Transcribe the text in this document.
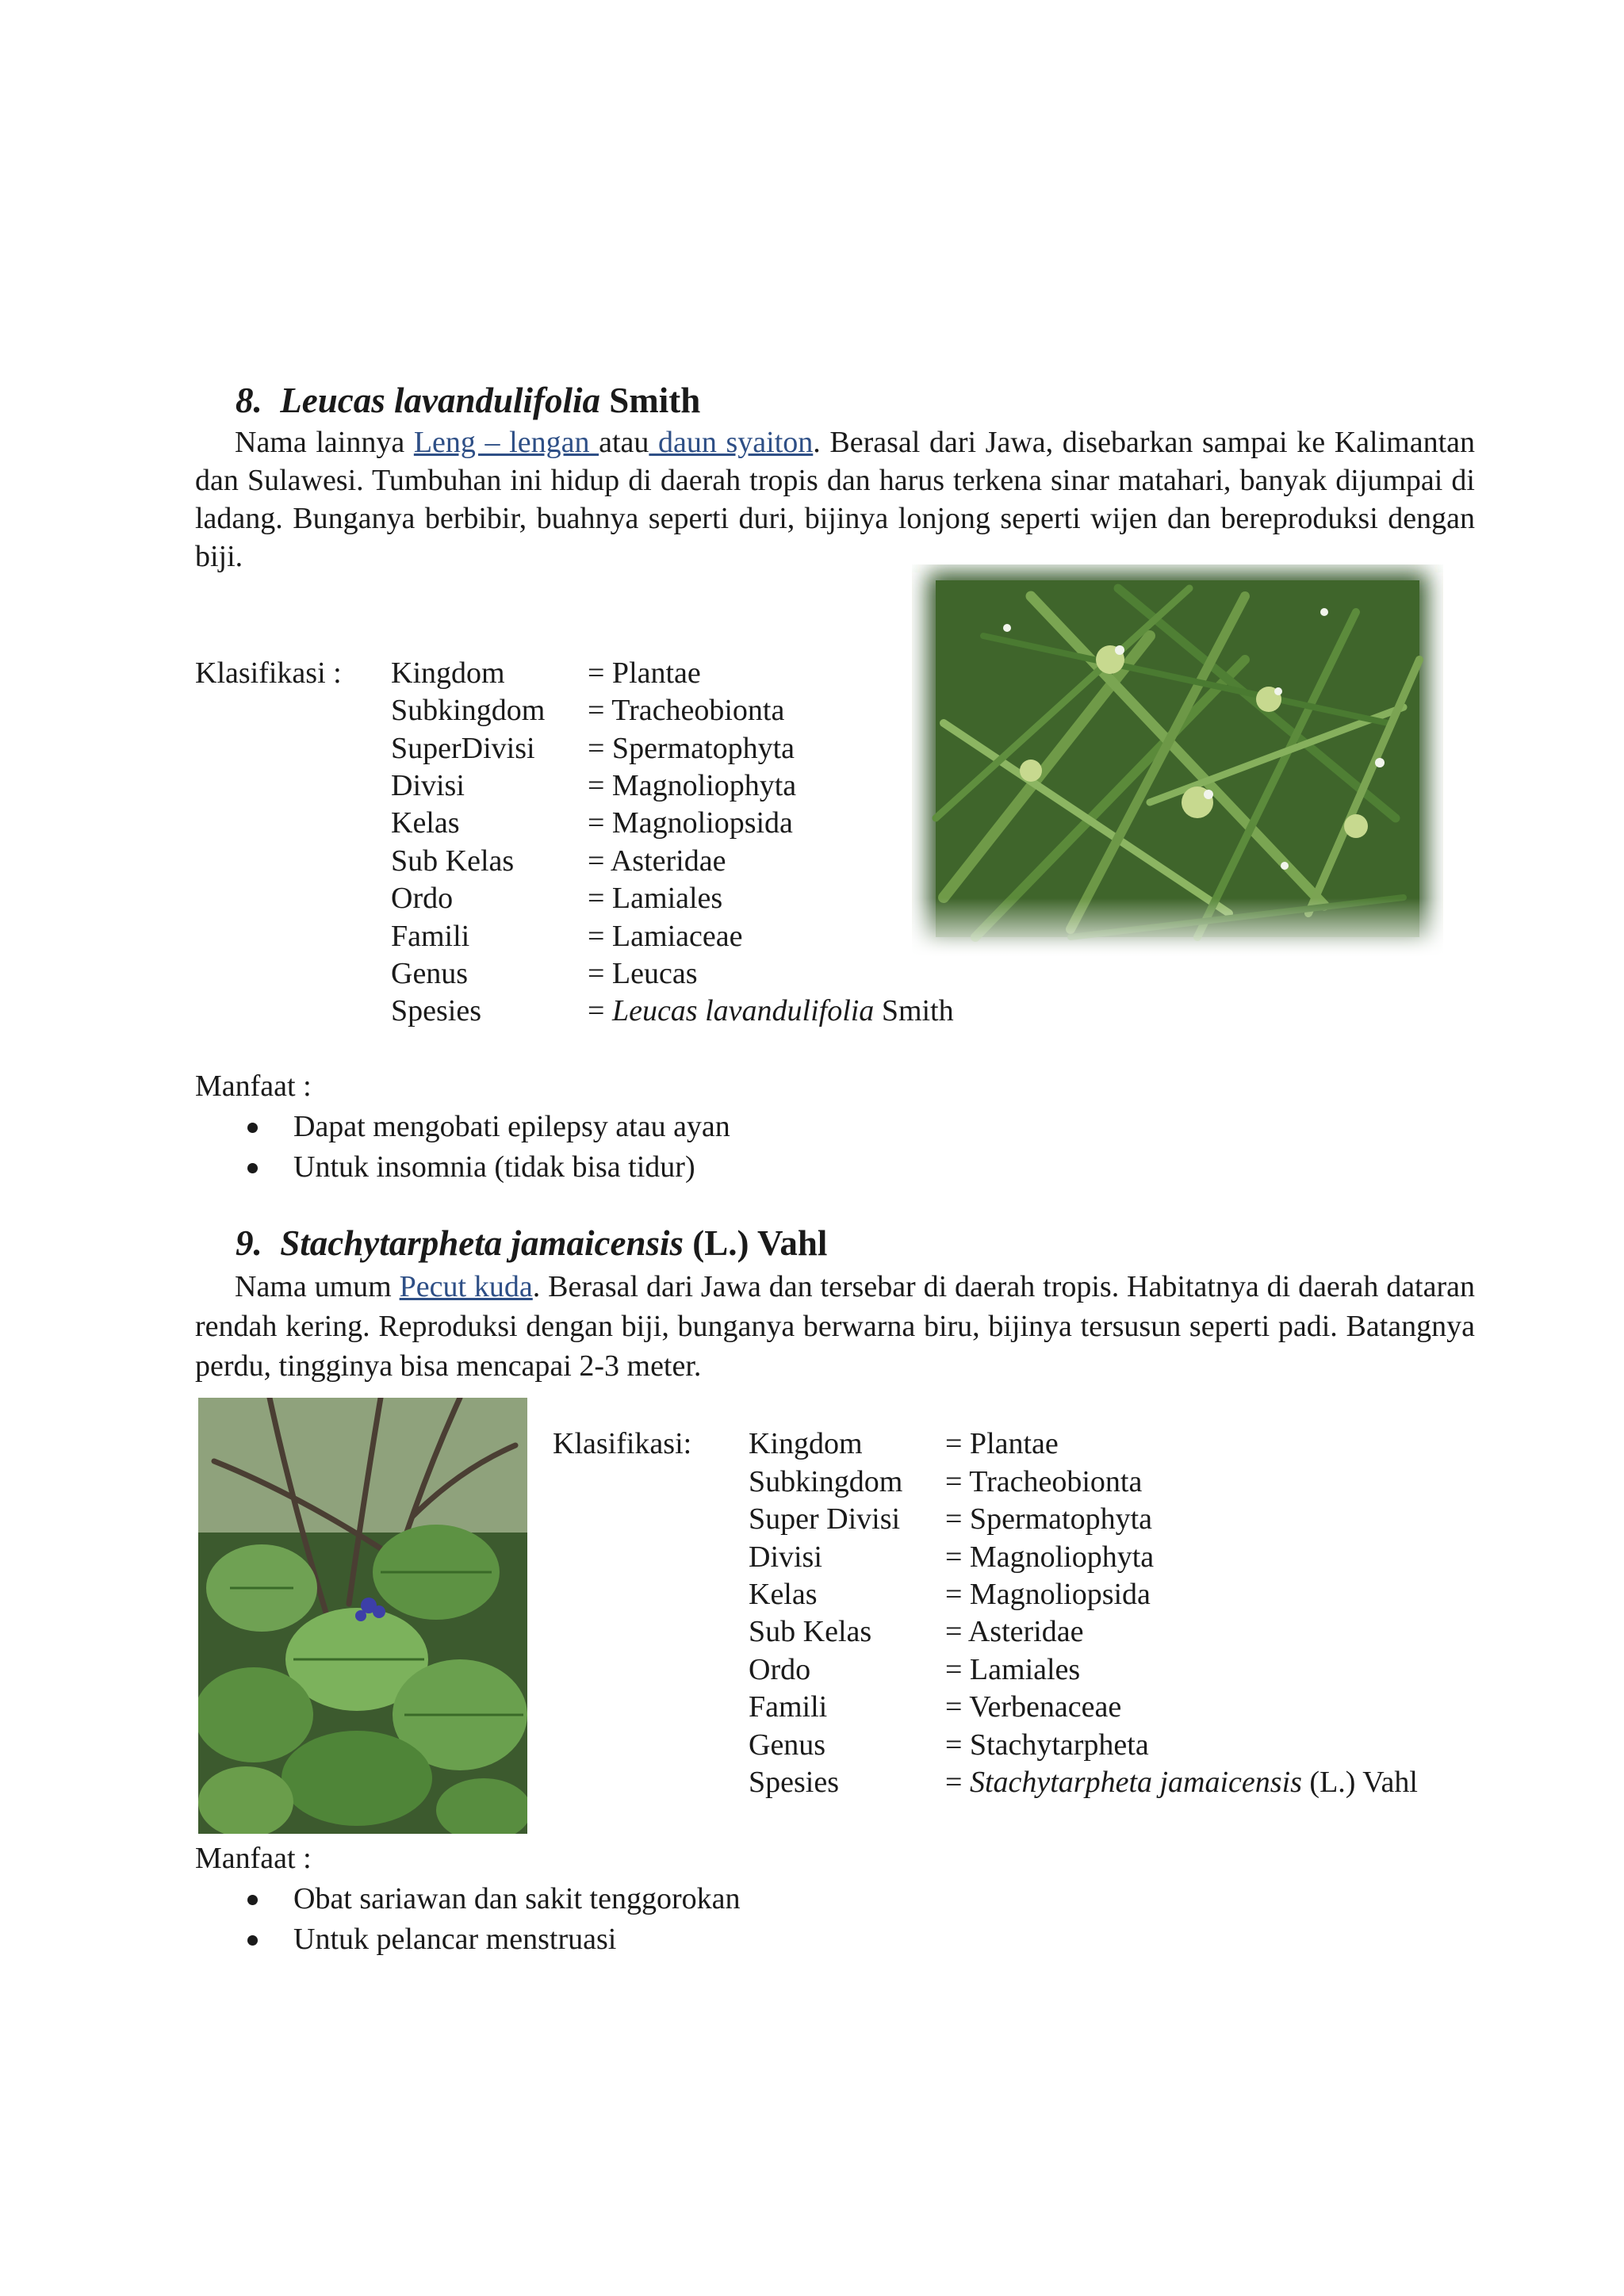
8. Leucas lavandulifolia Smith
Nama lainnya Leng – lengan atau daun syaiton. Berasal dari Jawa, disebarkan sampai ke Kalimantan dan Sulawesi. Tumbuhan ini hidup di daerah tropis dan harus terkena sinar matahari, banyak dijumpai di ladang. Bunganya berbibir, buahnya seperti duri, bijinya lonjong seperti wijen dan bereproduksi dengan biji.
Klasifikasi : Kingdom	= Plantae
Subkingdom = Tracheobionta
SuperDivisi = Spermatophyta
Divisi	= Magnoliophyta
Kelas	= Magnoliopsida
Sub Kelas = Asteridae
Ordo	= Lamiales
Famili	= Lamiaceae
Genus	= Leucas
Spesies	= Leucas lavandulifolia Smith
Manfaat :
Dapat mengobati epilepsy atau ayan
Untuk insomnia (tidak bisa tidur)
9. Stachytarpheta jamaicensis (L.) Vahl
Nama umum Pecut kuda. Berasal dari Jawa dan tersebar di daerah tropis. Habitatnya di daerah dataran rendah kering. Reproduksi dengan biji, bunganya berwarna biru, bijinya tersusun seperti padi. Batangnya perdu, tingginya bisa mencapai 2-3 meter.
Klasifikasi: Kingdom	= Plantae
Subkingdom = Tracheobionta
Super Divisi = Spermatophyta
Divisi	= Magnoliophyta
Kelas	= Magnoliopsida
Sub Kelas = Asteridae
Ordo	= Lamiales
Famili	= Verbenaceae
Genus	= Stachytarpheta
Spesies	= Stachytarpheta jamaicensis (L.) Vahl
Manfaat :
Obat sariawan dan sakit tenggorokan
Untuk pelancar menstruasi
